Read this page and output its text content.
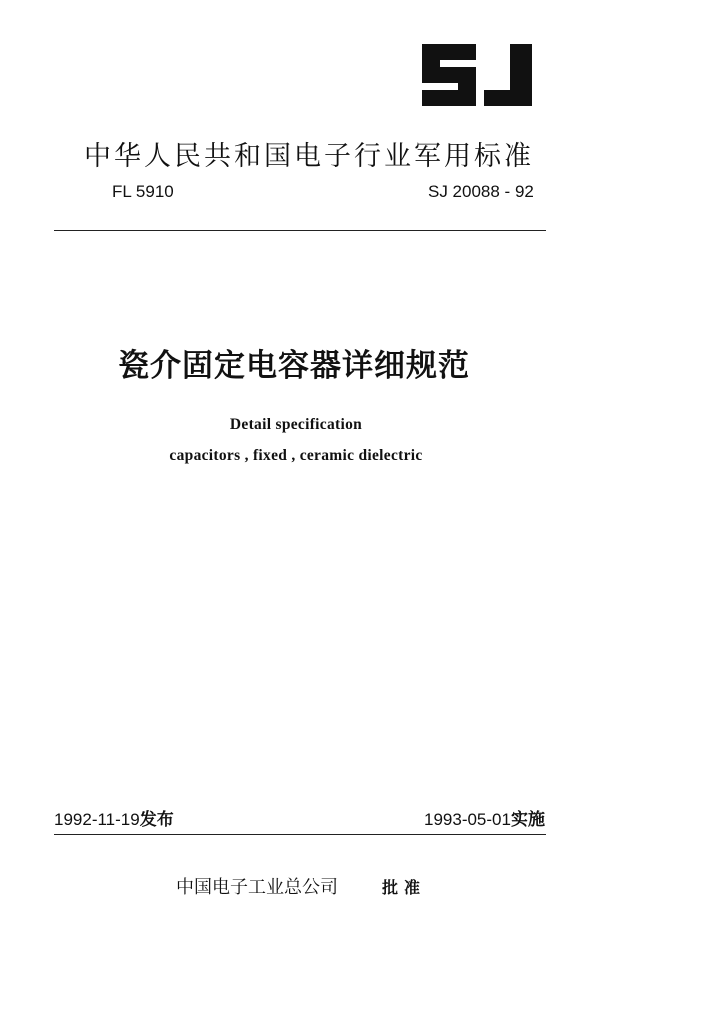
中华人民共和国电子行业军用标准
FL 5910	SJ 20088 - 92
瓷介固定电容器详细规范
Detail specification
capacitors , fixed , ceramic dielectric
1992-11-19发布	1993-05-01实施
中国电子工业总公司	批准
